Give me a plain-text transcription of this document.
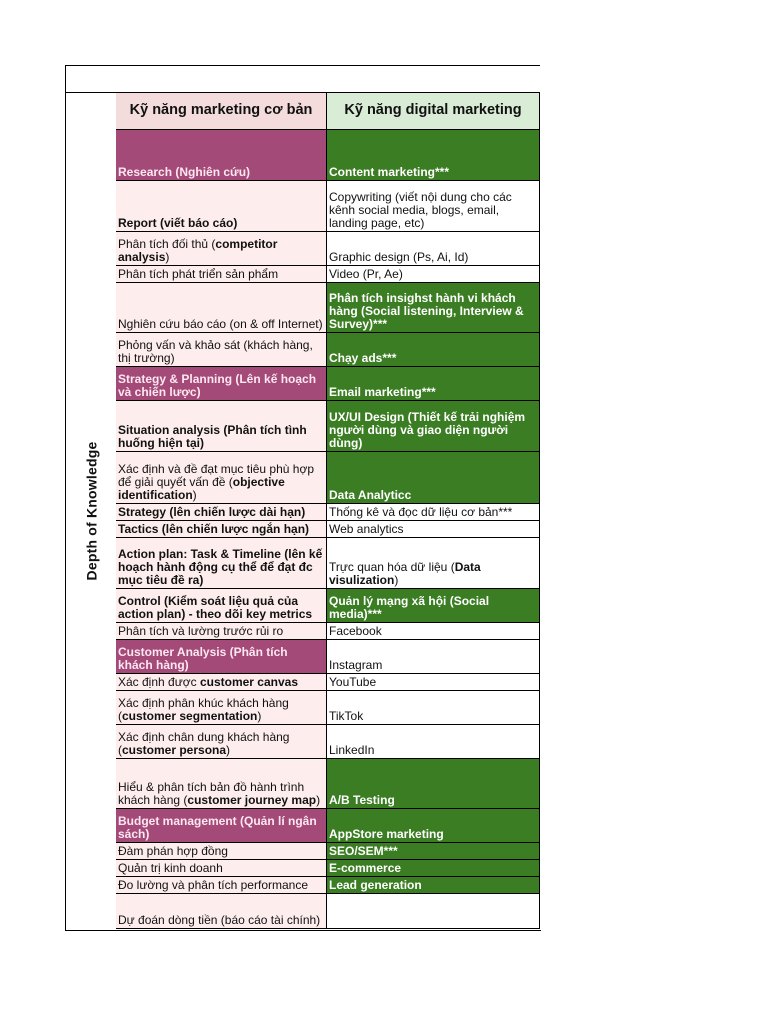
Depth of Knowledge
Kỹ năng marketing cơ bản
Research (Nghiên cứu)
Report (viết báo cáo)
Phân tích đối thủ (competitor analysis)
Phân tích phát triển sản phẩm
Nghiên cứu báo cáo (on & off Internet)
Phỏng vấn và khảo sát (khách hàng, thị trường)
Strategy & Planning (Lên kế hoạch và chiến lược)
Situation analysis (Phân tích tình huống hiện tại)
Xác định và đề đạt mục tiêu phù hợp để giải quyết vấn đề (objective identification)
Strategy (lên chiến lược dài hạn)
Tactics (lên chiến lược ngắn hạn)
Action plan: Task & Timeline (lên kế hoạch hành động cụ thể để đạt đc mục tiêu đề ra)
Control (Kiểm soát liệu quả của action plan) - theo dõi key metrics
Phân tích và lường trước rủi ro
Customer Analysis (Phân tích khách hàng)
Xác định được customer canvas
Xác định phân khúc khách hàng (customer segmentation)
Xác định chân dung khách hàng (customer persona)
Hiểu & phân tích bản đồ hành trình khách hàng (customer journey map)
Budget management (Quản lí ngân sách)
Đàm phán hợp đồng
Quản trị kinh doanh
Đo lường và phân tích performance
Dự đoán dòng tiền (báo cáo tài chính)
Kỹ năng digital marketing
Content marketing***
Copywriting (viết nội dung cho các kênh social media, blogs, email, landing page, etc)
Graphic design (Ps, Ai, Id)
Video (Pr, Ae)
Phân tích insighst hành vi khách hàng (Social listening, Interview & Survey)***
Chạy ads***
Email marketing***
UX/UI Design (Thiết kế trải nghiệm người dùng và giao diện người dùng)
Data Analyticc
Thống kê và đọc dữ liệu cơ bản***
Web analytics
Trực quan hóa dữ liệu (Data visulization)
Quản lý mạng xã hội (Social media)***
Facebook
Instagram
YouTube
TikTok
LinkedIn
A/B Testing
AppStore marketing
SEO/SEM***
E-commerce
Lead generation
